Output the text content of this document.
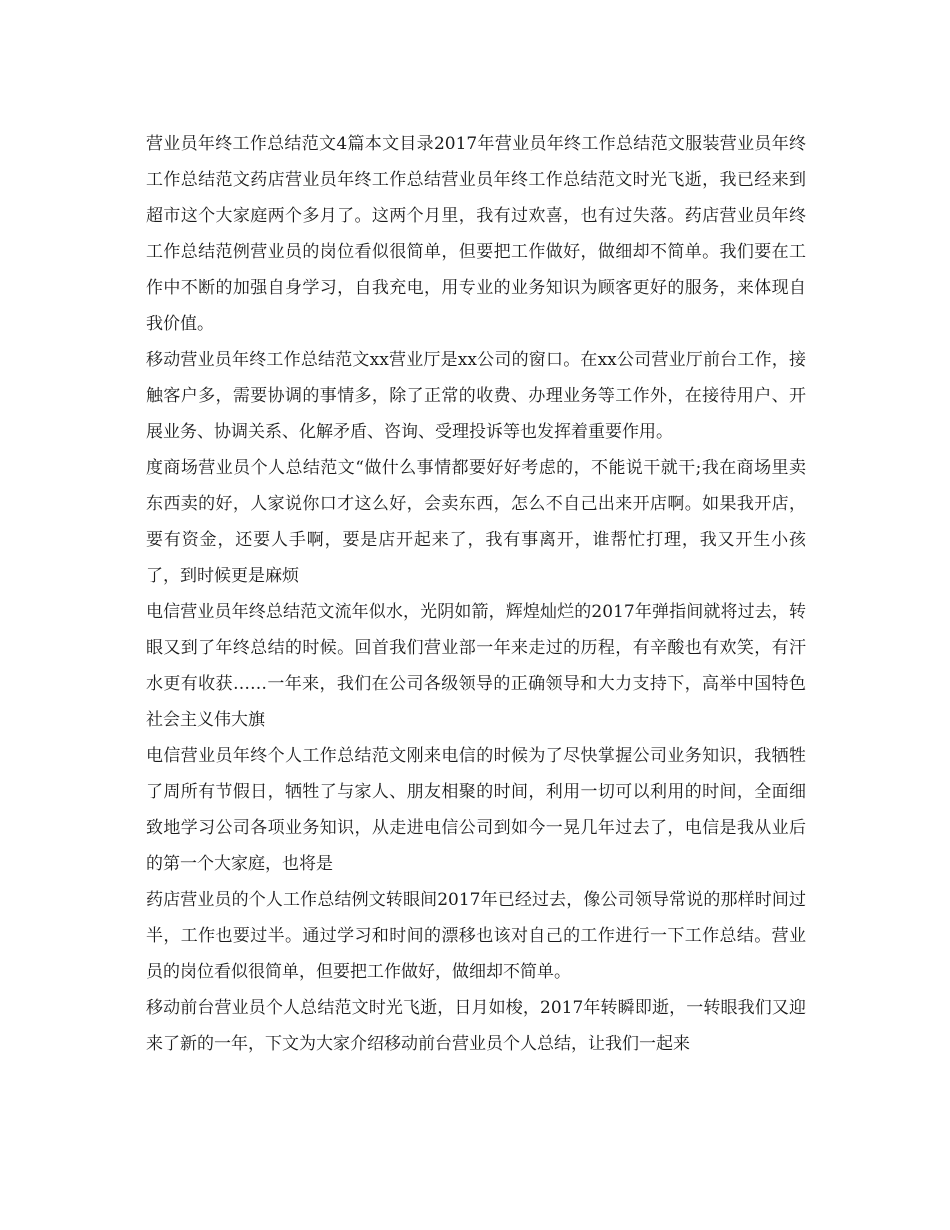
营业员年终工作总结范文4篇本文目录2017年营业员年终工作总结范文服装营业员年终工作总结范文药店营业员年终工作总结营业员年终工作总结范文时光飞逝，我已经来到超市这个大家庭两个多月了。这两个月里，我有过欢喜，也有过失落。药店营业员年终工作总结范例营业员的岗位看似很简单，但要把工作做好，做细却不简单。我们要在工作中不断的加强自身学习，自我充电，用专业的业务知识为顾客更好的服务，来体现自我价值。

移动营业员年终工作总结范文xx营业厅是xx公司的窗口。在xx公司营业厅前台工作，接触客户多，需要协调的事情多，除了正常的收费、办理业务等工作外，在接待用户、开展业务、协调关系、化解矛盾、咨询、受理投诉等也发挥着重要作用。

度商场营业员个人总结范文“做什么事情都要好好考虑的，不能说干就干;我在商场里卖东西卖的好，人家说你口才这么好，会卖东西，怎么不自己出来开店啊。如果我开店，要有资金，还要人手啊，要是店开起来了，我有事离开，谁帮忙打理，我又开生小孩了，到时候更是麻烦

电信营业员年终总结范文流年似水，光阴如箭，辉煌灿烂的2017年弹指间就将过去，转眼又到了年终总结的时候。回首我们营业部一年来走过的历程，有辛酸也有欢笑，有汗水更有收获……一年来，我们在公司各级领导的正确领导和大力支持下，高举中国特色社会主义伟大旗

电信营业员年终个人工作总结范文刚来电信的时候为了尽快掌握公司业务知识，我牺牲了周所有节假日，牺牲了与家人、朋友相聚的时间，利用一切可以利用的时间，全面细致地学习公司各项业务知识，从走进电信公司到如今一晃几年过去了，电信是我从业后的第一个大家庭，也将是

药店营业员的个人工作总结例文转眼间2017年已经过去，像公司领导常说的那样时间过半，工作也要过半。通过学习和时间的漂移也该对自己的工作进行一下工作总结。营业员的岗位看似很简单，但要把工作做好，做细却不简单。

移动前台营业员个人总结范文时光飞逝，日月如梭，2017年转瞬即逝，一转眼我们又迎来了新的一年，下文为大家介绍移动前台营业员个人总结，让我们一起来
